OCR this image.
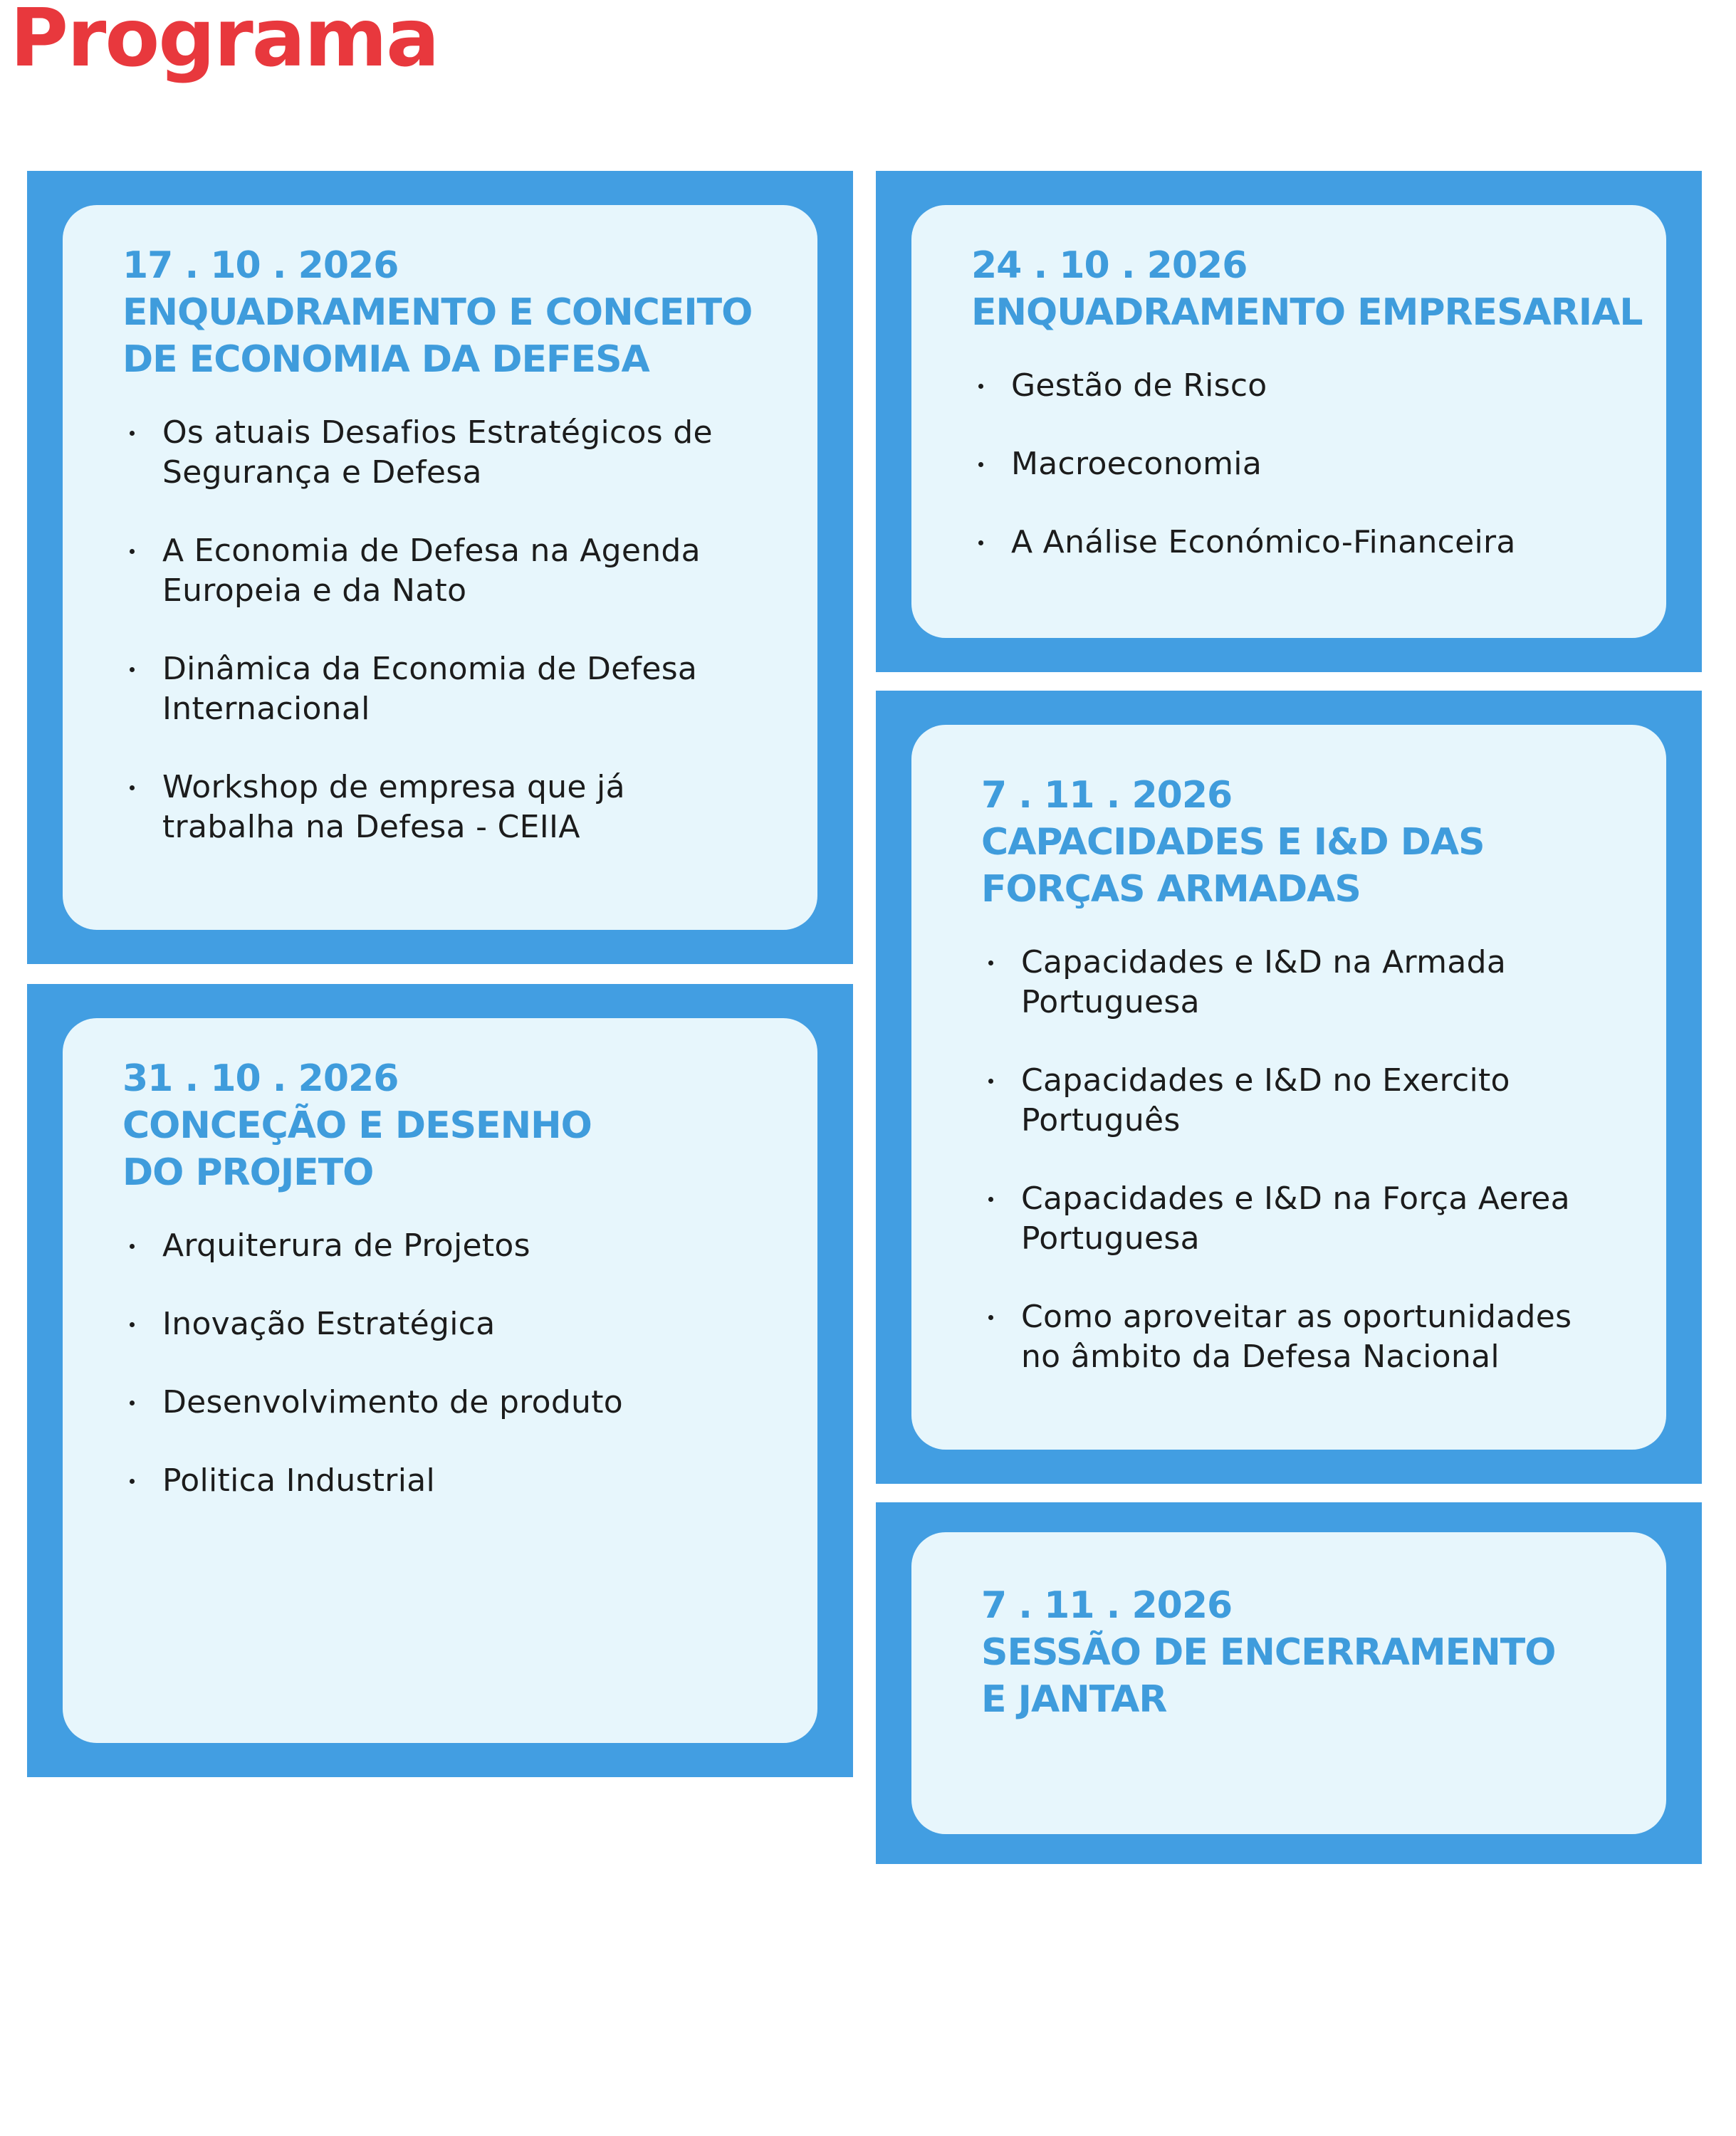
Programa
17 . 10 . 2026
ENQUADRAMENTO E CONCEITO
DE ECONOMIA DA DEFESA
Os atuais Desafios Estratégicos de
Segurança e Defesa
A Economia de Defesa na Agenda
Europeia e da Nato
Dinâmica da Economia de Defesa
Internacional
Workshop de empresa que já
trabalha na Defesa - CEIIA
24 . 10 . 2026
ENQUADRAMENTO EMPRESARIAL
Gestão de Risco
Macroeconomia
A Análise Económico-Financeira
31 . 10 . 2026
CONCEÇÃO E DESENHO
DO PROJETO
Arquiterura de Projetos
Inovação Estratégica
Desenvolvimento de produto
Politica Industrial
7 . 11 . 2026
CAPACIDADES E I&D DAS
FORÇAS ARMADAS
Capacidades e I&D na Armada
Portuguesa
Capacidades e I&D no Exercito
Português
Capacidades e I&D na Força Aerea
Portuguesa
Como aproveitar as oportunidades
no âmbito da Defesa Nacional
7 . 11 . 2026
SESSÃO DE ENCERRAMENTO
E JANTAR
